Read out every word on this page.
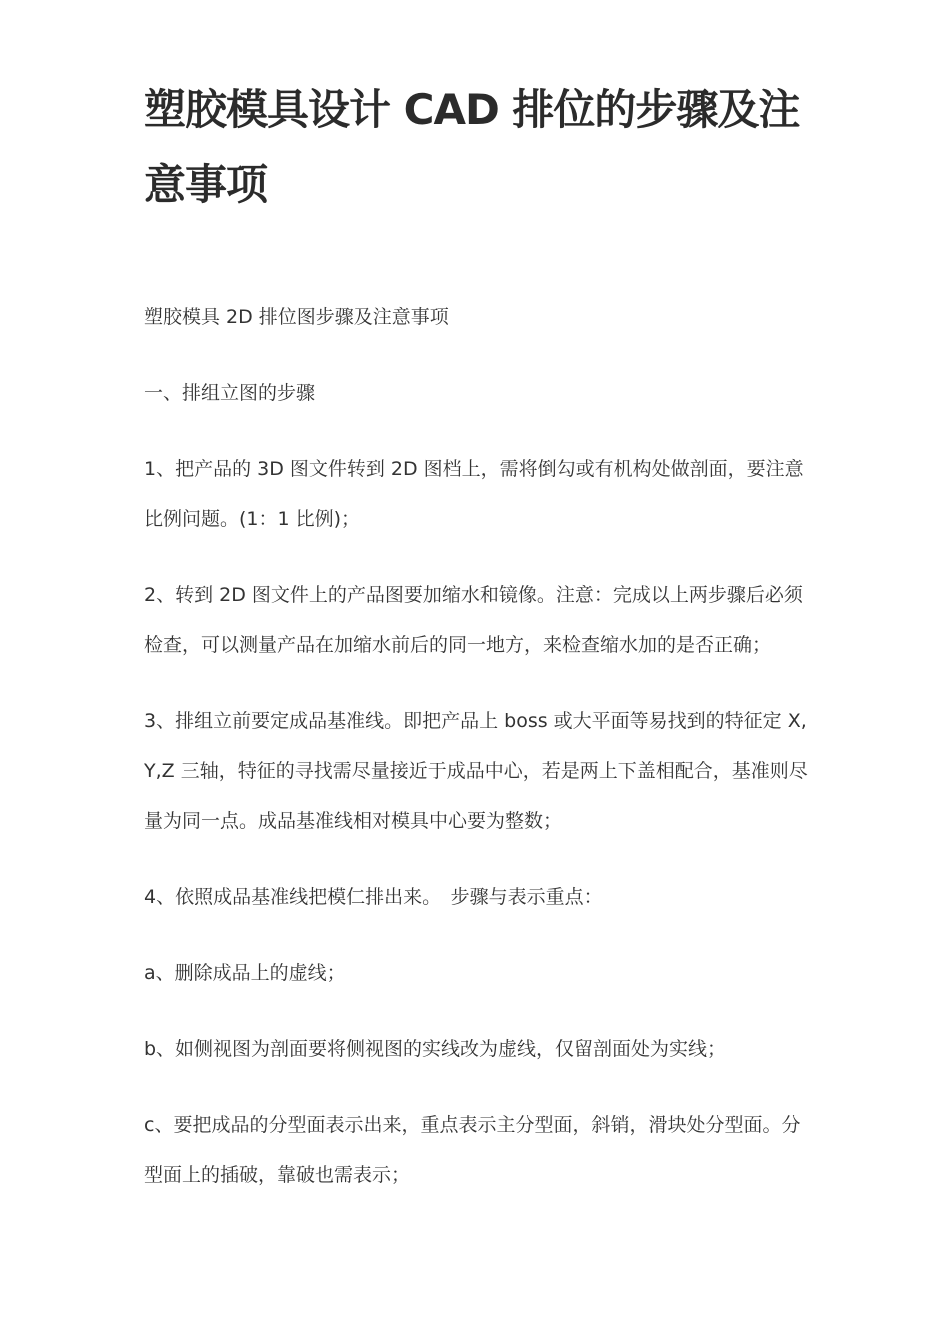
塑胶模具设计 CAD 排位的步骤及注意事项

塑胶模具 2D 排位图步骤及注意事项

一、排组立图的步骤

1、把产品的 3D 图文件转到 2D 图档上，需将倒勾或有机构处做剖面，要注意比例问题。(1：1 比例)；

2、转到 2D 图文件上的产品图要加缩水和镜像。注意：完成以上两步骤后必须检查，可以测量产品在加缩水前后的同一地方，来检查缩水加的是否正确；

3、排组立前要定成品基准线。即把产品上 boss 或大平面等易找到的特征定 X,Y,Z 三轴，特征的寻找需尽量接近于成品中心，若是两上下盖相配合，基准则尽量为同一点。成品基准线相对模具中心要为整数；

4、依照成品基准线把模仁排出来。　步骤与表示重点：

a、删除成品上的虚线；

b、如侧视图为剖面要将侧视图的实线改为虚线，仅留剖面处为实线；

c、要把成品的分型面表示出来，重点表示主分型面，斜销，滑块处分型面。分型面上的插破，靠破也需表示；
